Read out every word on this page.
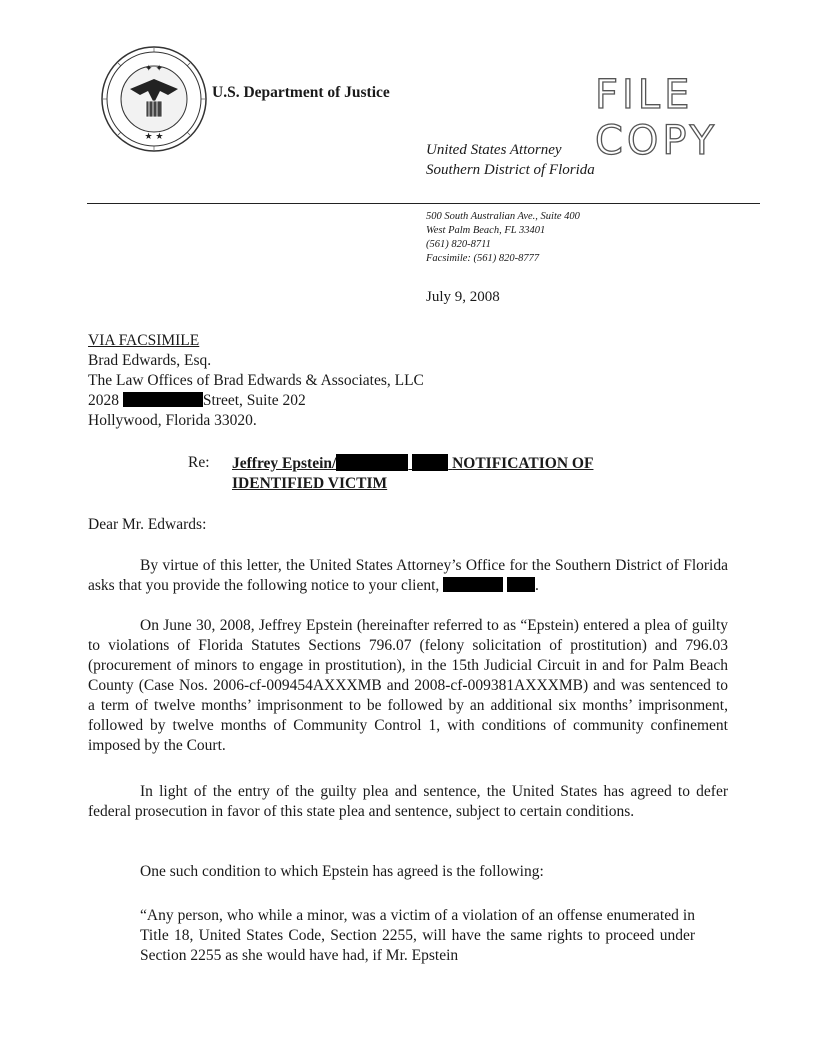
✦ ✦
★ ★
U.S. Department of Justice	FILE COPY
United States Attorney
Southern District of Florida
500 South Australian Ave., Suite 400
West Palm Beach, FL 33401
(561) 820-8711
Facsimile: (561) 820-8777
July 9, 2008
VIA FACSIMILE
Brad Edwards, Esq.
The Law Offices of Brad Edwards & Associates, LLC
2028	Street, Suite 202
Hollywood, Florida 33020.
Re: Jeffrey Epstein/	NOTIFICATION OF
IDENTIFIED VICTIM
Dear Mr. Edwards:

By virtue of this letter, the United States Attorney’s Office for the Southern District of Florida asks that you provide the following notice to your client,	.

On June 30, 2008, Jeffrey Epstein (hereinafter referred to as “Epstein) entered a plea of guilty to violations of Florida Statutes Sections 796.07 (felony solicitation of prostitution) and 796.03 (procurement of minors to engage in prostitution), in the 15th Judicial Circuit in and for Palm Beach County (Case Nos. 2006-cf-009454AXXXMB and 2008-cf-009381AXXXMB) and was sentenced to a term of twelve months’ imprisonment to be followed by an additional six months’ imprisonment, followed by twelve months of Community Control 1, with conditions of community confinement imposed by the Court.

In light of the entry of the guilty plea and sentence, the United States has agreed to defer federal prosecution in favor of this state plea and sentence, subject to certain conditions.

One such condition to which Epstein has agreed is the following:

“Any person, who while a minor, was a victim of a violation of an offense enumerated in Title 18, United States Code, Section 2255, will have the same rights to proceed under Section 2255 as she would have had, if Mr. Epstein
